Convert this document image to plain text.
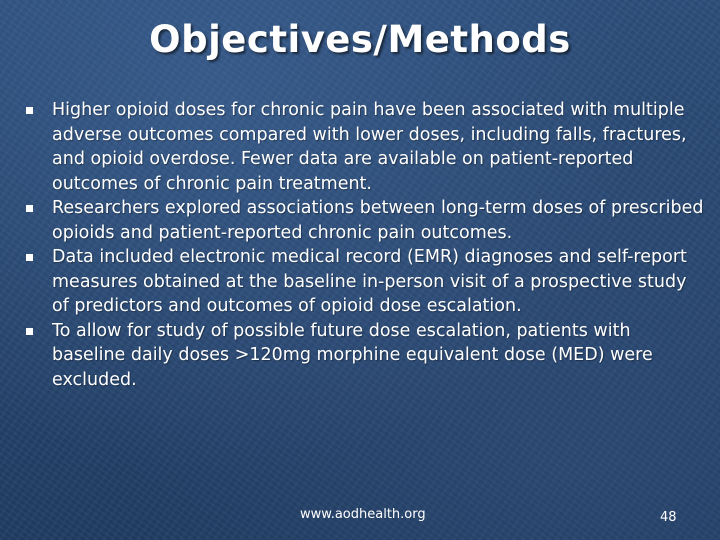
Objectives/Methods
Higher opioid doses for chronic pain have been associated with multiple adverse outcomes compared with lower doses, including falls, fractures, and opioid overdose. Fewer data are available on patient-reported outcomes of chronic pain treatment.
Researchers explored associations between long-term doses of prescribed opioids and patient-reported chronic pain outcomes.
Data included electronic medical record (EMR) diagnoses and self-report measures obtained at the baseline in-person visit of a prospective study of predictors and outcomes of opioid dose escalation.
To allow for study of possible future dose escalation, patients with baseline daily doses >120mg morphine equivalent dose (MED) were excluded.
www.aodhealth.org	48
